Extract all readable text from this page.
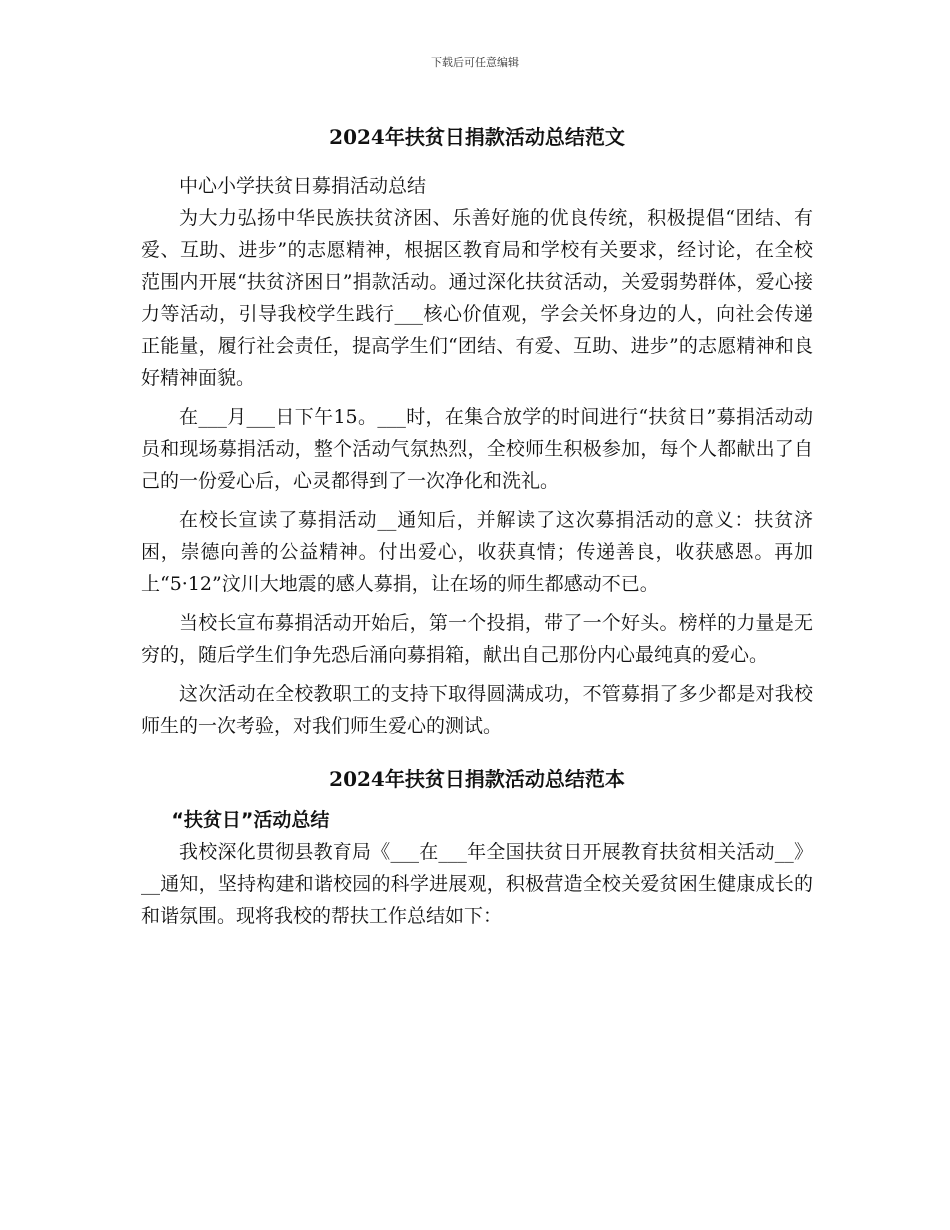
下载后可任意编辑
2024年扶贫日捐款活动总结范文

中心小学扶贫日募捐活动总结

为大力弘扬中华民族扶贫济困、乐善好施的优良传统，积极提倡“团结、有爱、互助、进步”的志愿精神，根据区教育局和学校有关要求，经讨论，在全校范围内开展“扶贫济困日”捐款活动。通过深化扶贫活动，关爱弱势群体，爱心接力等活动，引导我校学生践行___核心价值观，学会关怀身边的人，向社会传递正能量，履行社会责任，提高学生们“团结、有爱、互助、进步”的志愿精神和良好精神面貌。

在___月___日下午15。___时，在集合放学的时间进行“扶贫日”募捐活动动员和现场募捐活动，整个活动气氛热烈，全校师生积极参加，每个人都献出了自己的一份爱心后，心灵都得到了一次净化和洗礼。

在校长宣读了募捐活动__通知后，并解读了这次募捐活动的意义：扶贫济困，崇德向善的公益精神。付出爱心，收获真情；传递善良，收获感恩。再加上“5·12”汶川大地震的感人募捐，让在场的师生都感动不已。

当校长宣布募捐活动开始后，第一个投捐，带了一个好头。榜样的力量是无穷的，随后学生们争先恐后涌向募捐箱，献出自己那份内心最纯真的爱心。

这次活动在全校教职工的支持下取得圆满成功，不管募捐了多少都是对我校师生的一次考验，对我们师生爱心的测试。

2024年扶贫日捐款活动总结范本

“扶贫日”活动总结

我校深化贯彻县教育局《___在___年全国扶贫日开展教育扶贫相关活动__》__通知，坚持构建和谐校园的科学进展观，积极营造全校关爱贫困生健康成长的和谐氛围。现将我校的帮扶工作总结如下：
